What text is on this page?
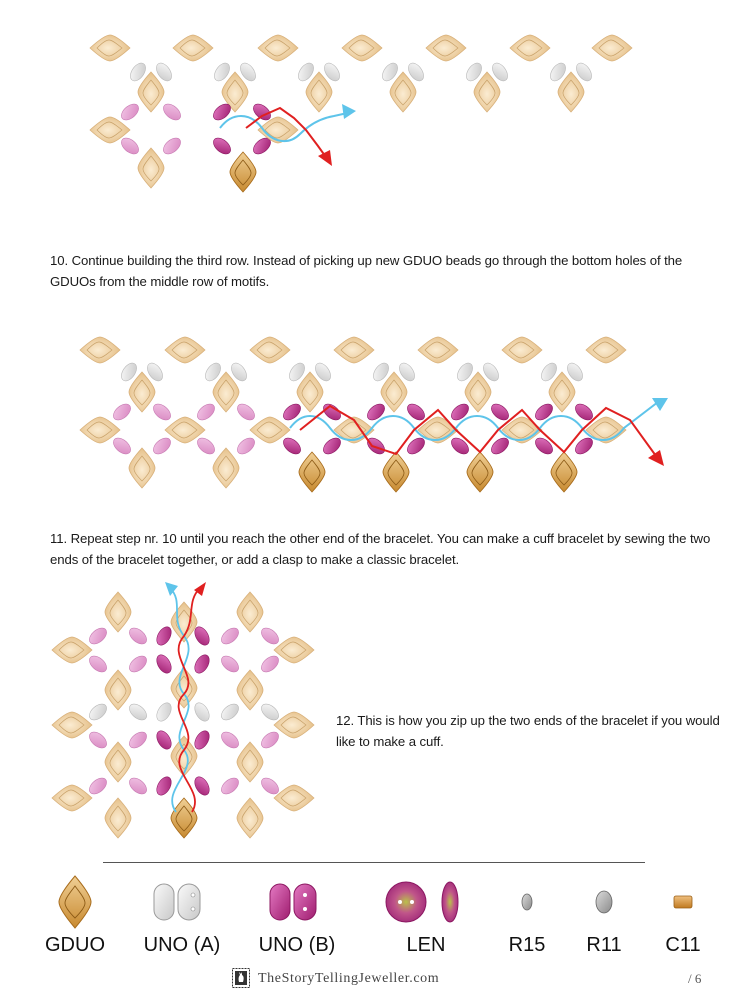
10. Continue building the third row. Instead of picking up new GDUO beads go through the bottom holes of the GDUOs from the middle row of motifs.
11. Repeat step nr. 10 until you reach the other end of the bracelet. You can make a cuff bracelet by sewing the two ends of the bracelet together, or add a clasp to make a classic bracelet.
12. This is how you zip up the two ends of the bracelet if you would like to make a cuff.
GDUO	UNO (A)	UNO (B)	LEN	R15	R11	C11
TheStoryTellingJeweller.com	/ 6
